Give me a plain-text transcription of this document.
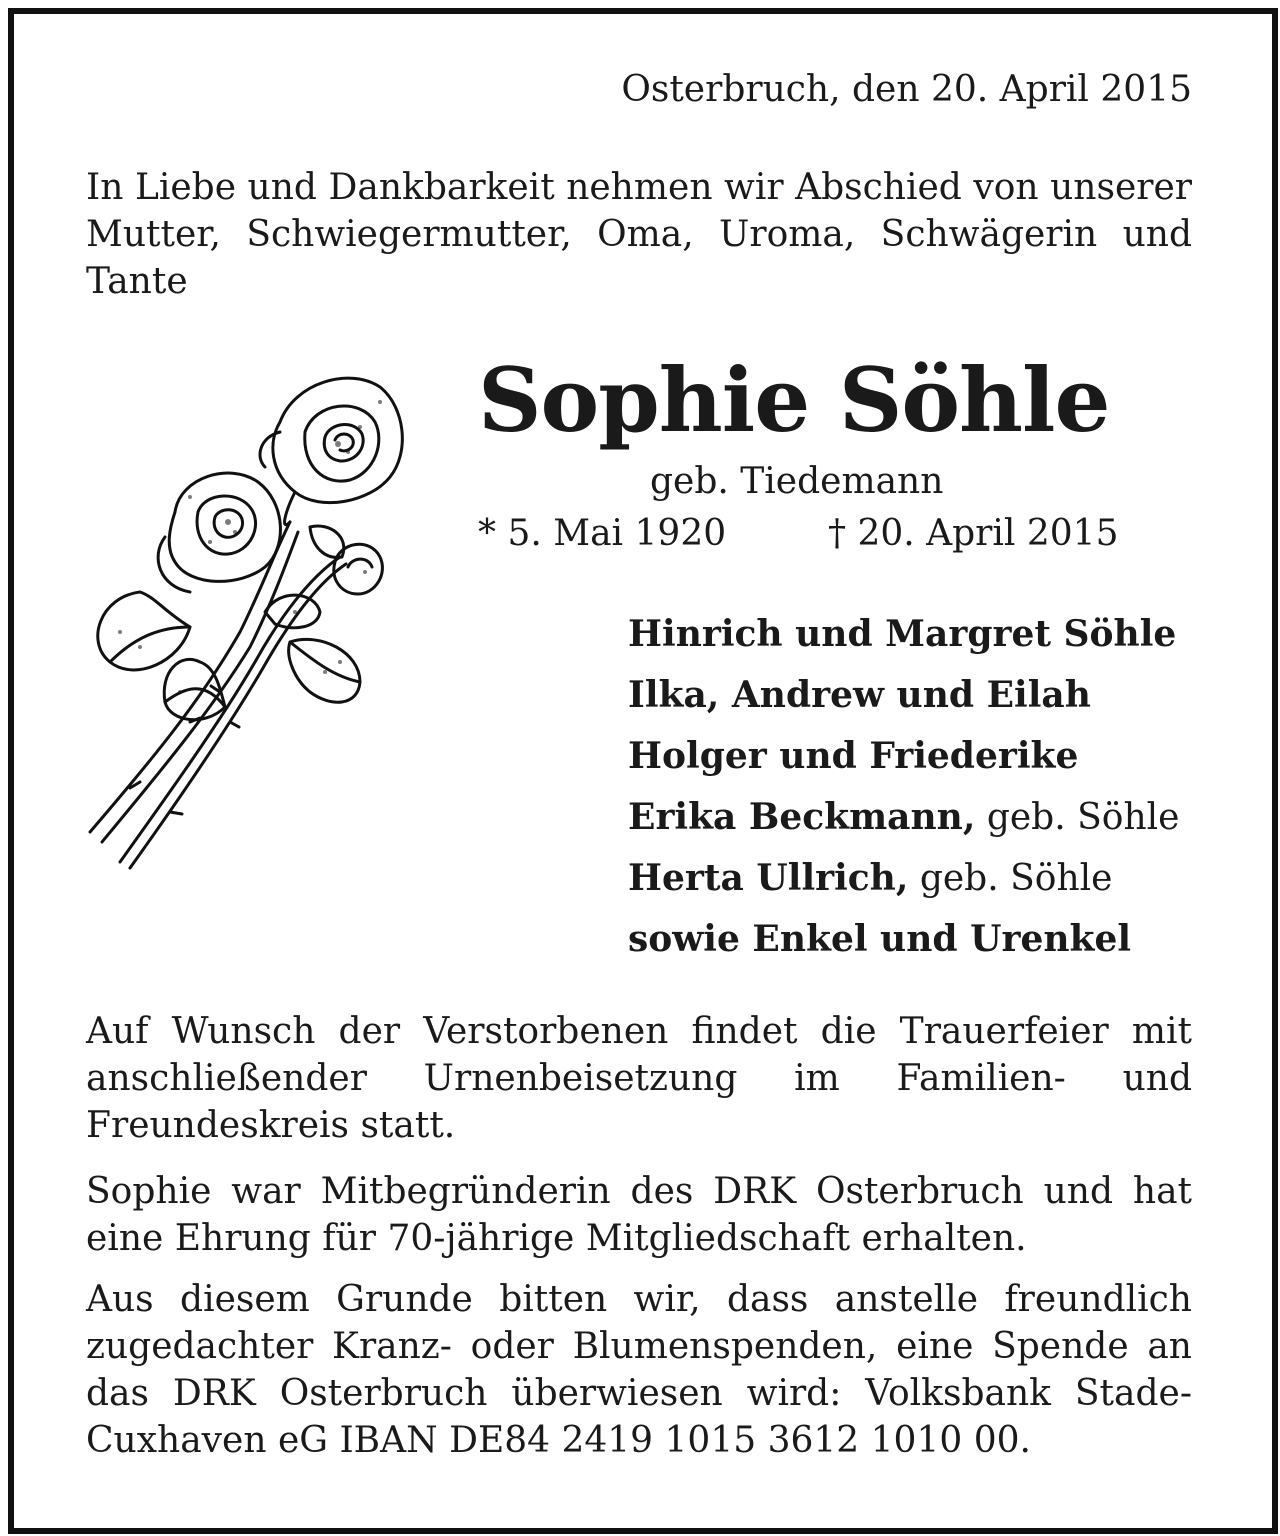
Osterbruch, den 20. April 2015

In Liebe und Dankbarkeit nehmen wir Abschied von unserer Mutter, Schwiegermutter, Oma, Uroma, Schwägerin und Tante

Sophie Söhle

geb. Tiedemann

* 5. Mai 1920	† 20. April 2015

Hinrich und Margret Söhle
Ilka, Andrew und Eilah
Holger und Friederike
Erika Beckmann, geb. Söhle
Herta Ullrich, geb. Söhle
sowie Enkel und Urenkel

Auf Wunsch der Verstorbenen findet die Trauerfeier mit anschließender Urnenbeisetzung im Familien- und Freundeskreis statt.

Sophie war Mitbegründerin des DRK Osterbruch und hat eine Ehrung für 70-jährige Mitgliedschaft erhalten.

Aus diesem Grunde bitten wir, dass anstelle freundlich zugedachter Kranz- oder Blumenspenden, eine Spende an das DRK Osterbruch überwiesen wird: Volksbank Stade-Cuxhaven eG IBAN DE84 2419 1015 3612 1010 00.
